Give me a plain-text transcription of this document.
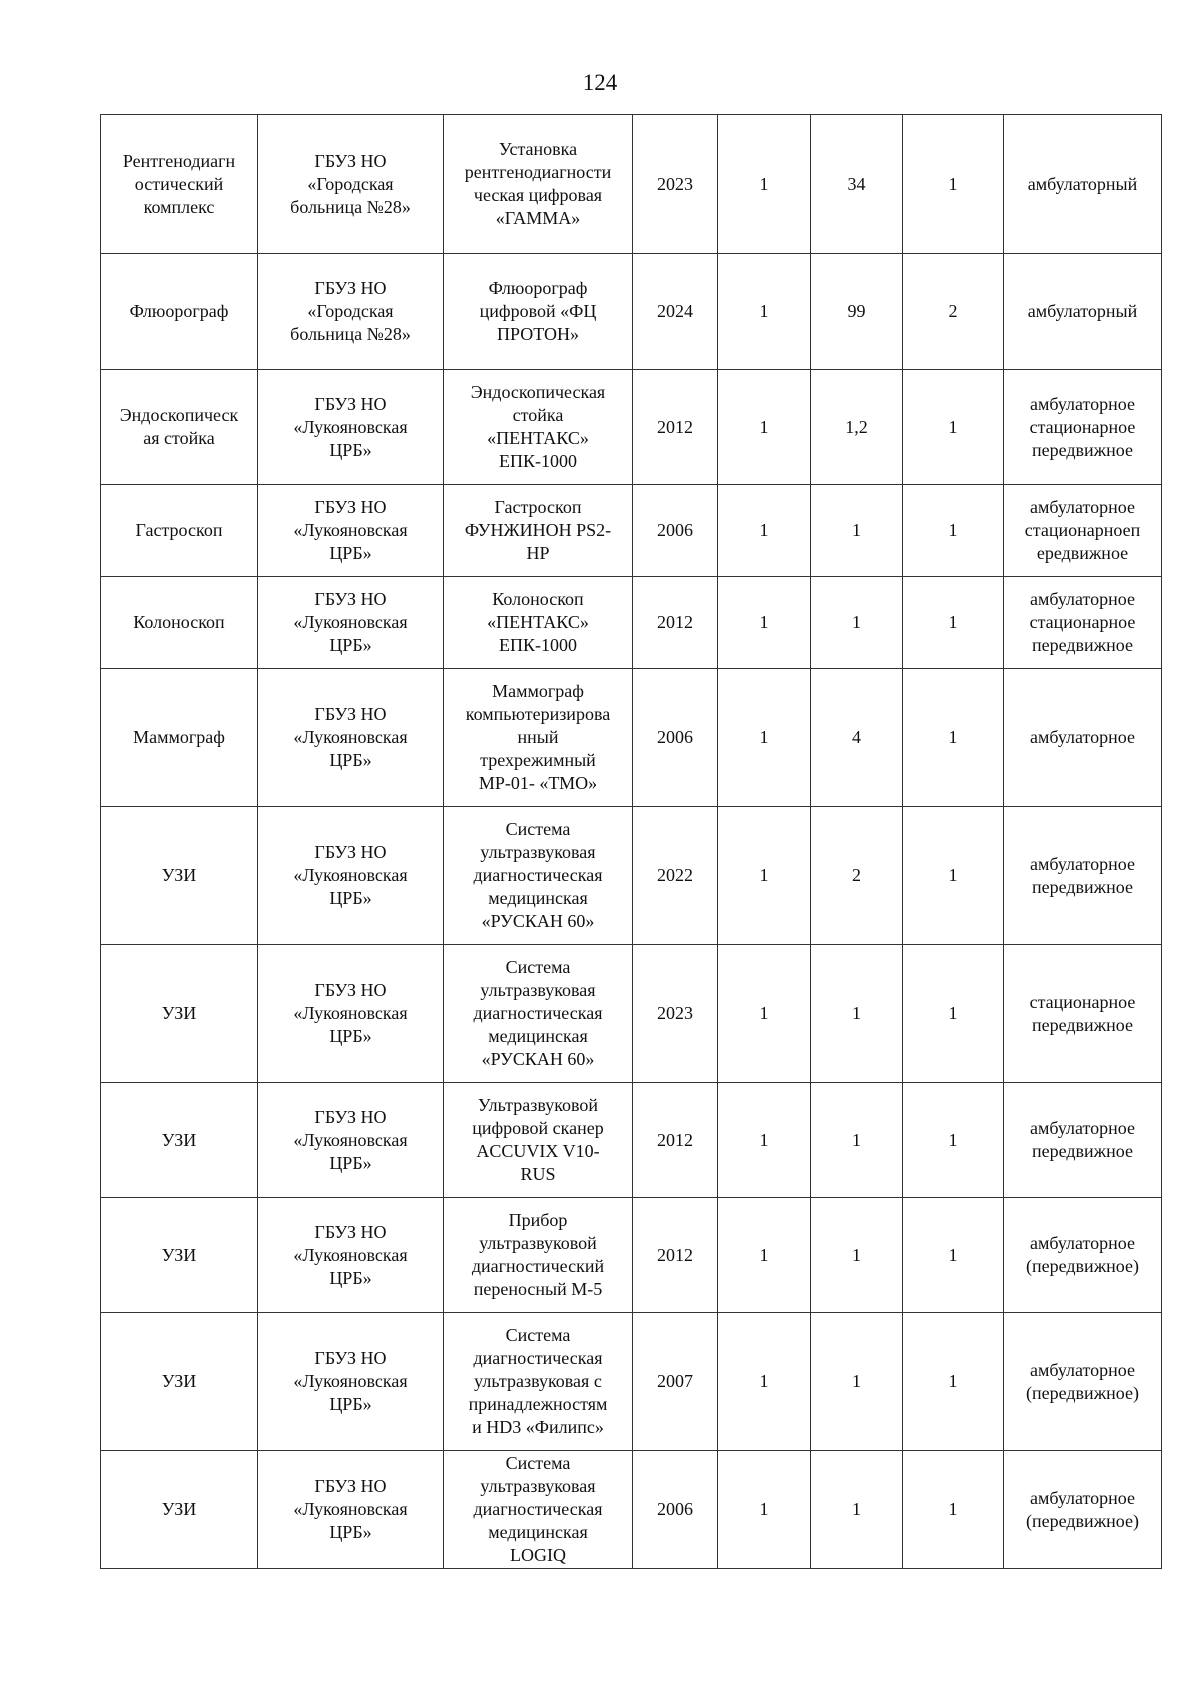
124
Рентгенодиагн
остический
комплекс	ГБУЗ НО
«Городская
больница №28»	Установка
рентгенодиагности
ческая цифровая
«ГАММА»	2023	1	34	1	амбулаторный
Флюорограф	ГБУЗ НО
«Городская
больница №28»	Флюорограф
цифровой «ФЦ
ПРОТОН»	2024	1	99	2	амбулаторный
Эндоскопическ
ая стойка	ГБУЗ НО
«Лукояновская
ЦРБ»	Эндоскопическая
стойка
«ПЕНТАКС»
ЕПК-1000	2012	1	1,2	1	амбулаторное
стационарное
передвижное
Гастроскоп	ГБУЗ НО
«Лукояновская
ЦРБ»	Гастроскоп
ФУНЖИНОН PS2-
HP	2006	1	1	1	амбулаторное
стационарноеп
ередвижное
Колоноскоп	ГБУЗ НО
«Лукояновская
ЦРБ»	Колоноскоп
«ПЕНТАКС»
ЕПК-1000	2012	1	1	1	амбулаторное
стационарное
передвижное
Маммограф	ГБУЗ НО
«Лукояновская
ЦРБ»	Маммограф
компьютеризирова
нный
трехрежимный
МР-01- «ТМО»	2006	1	4	1	амбулаторное
УЗИ	ГБУЗ НО
«Лукояновская
ЦРБ»	Система
ультразвуковая
диагностическая
медицинская
«РУСКАН 60»	2022	1	2	1	амбулаторное
передвижное
УЗИ	ГБУЗ НО
«Лукояновская
ЦРБ»	Система
ультразвуковая
диагностическая
медицинская
«РУСКАН 60»	2023	1	1	1	стационарное
передвижное
УЗИ	ГБУЗ НО
«Лукояновская
ЦРБ»	Ультразвуковой
цифровой сканер
ACCUVIX V10-
RUS	2012	1	1	1	амбулаторное
передвижное
УЗИ	ГБУЗ НО
«Лукояновская
ЦРБ»	Прибор
ультразвуковой
диагностический
переносный М-5	2012	1	1	1	амбулаторное
(передвижное)
УЗИ	ГБУЗ НО
«Лукояновская
ЦРБ»	Система
диагностическая
ультразвуковая с
принадлежностям
и HD3 «Филипс»	2007	1	1	1	амбулаторное
(передвижное)
УЗИ	ГБУЗ НО
«Лукояновская
ЦРБ»	Система
ультразвуковая
диагностическая
медицинская
LOGIQ	2006	1	1	1	амбулаторное
(передвижное)
